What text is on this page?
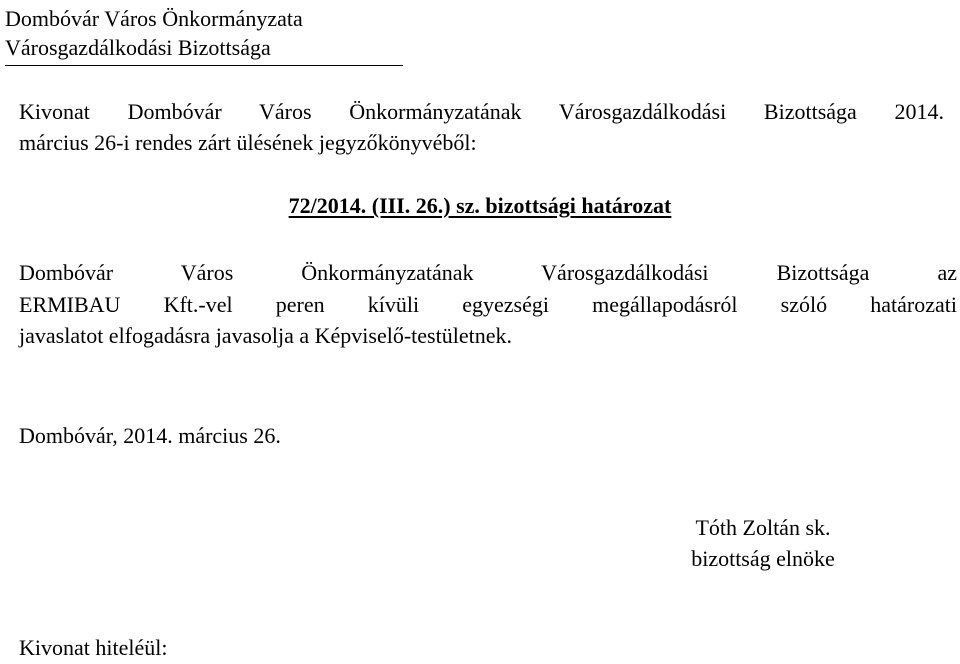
Dombóvár Város Önkormányzata
Városgazdálkodási Bizottsága
Kivonat Dombóvár Város Önkormányzatának Városgazdálkodási Bizottsága 2014.
március 26-i rendes zárt ülésének jegyzőkönyvéből:
72/2014. (III. 26.) sz. bizottsági határozat
Dombóvár Város Önkormányzatának Városgazdálkodási Bizottsága az
ERMIBAU Kft.-vel peren kívüli egyezségi megállapodásról szóló határozati
javaslatot elfogadásra javasolja a Képviselő-testületnek.
Dombóvár, 2014. március 26.
Tóth Zoltán sk.
bizottság elnöke
Kivonat hiteléül:
